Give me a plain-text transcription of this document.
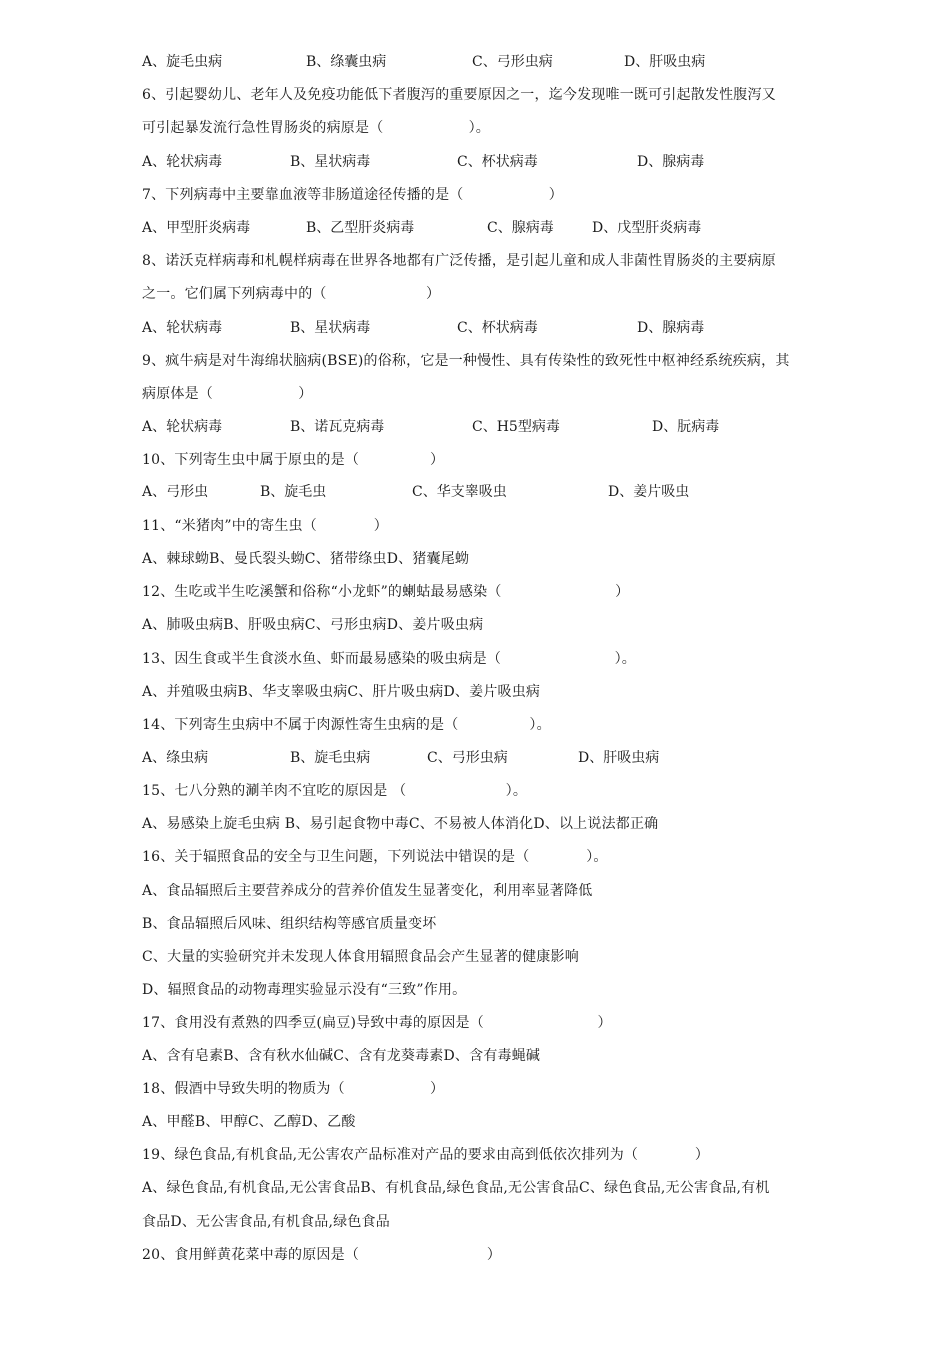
A、旋毛虫病	B、绦囊虫病	C、弓形虫病	D、肝吸虫病
6、引起婴幼儿、老年人及免疫功能低下者腹泻的重要原因之一，迄今发现唯一既可引起散发性腹泻又
可引起暴发流行急性胃肠炎的病原是（　　　　　　）。
A、轮状病毒	B、星状病毒	C、杯状病毒	D、腺病毒
7、下列病毒中主要靠血液等非肠道途径传播的是（　　　　　　）
A、甲型肝炎病毒	B、乙型肝炎病毒	C、腺病毒	D、戊型肝炎病毒
8、诺沃克样病毒和札幌样病毒在世界各地都有广泛传播，是引起儿童和成人非菌性胃肠炎的主要病原
之一。它们属下列病毒中的（　　　　　　　）
A、轮状病毒	B、星状病毒	C、杯状病毒	D、腺病毒
9、疯牛病是对牛海绵状脑病(BSE)的俗称，它是一种慢性、具有传染性的致死性中枢神经系统疾病，其
病原体是（　　　　　　）
A、轮状病毒	B、诺瓦克病毒	C、H5型病毒	D、朊病毒
10、下列寄生虫中属于原虫的是（　　　　　）
A、弓形虫	B、旋毛虫	C、华支睾吸虫	D、姜片吸虫
11、“米猪肉”中的寄生虫（　　　　）
A、棘球蚴B、曼氏裂头蚴C、猪带绦虫D、猪囊尾蚴
12、生吃或半生吃溪蟹和俗称“小龙虾”的蝲蛄最易感染（　　　　　　　　）
A、肺吸虫病B、肝吸虫病C、弓形虫病D、姜片吸虫病
13、因生食或半生食淡水鱼、虾而最易感染的吸虫病是（　　　　　　　　）。
A、并殖吸虫病B、华支睾吸虫病C、肝片吸虫病D、姜片吸虫病
14、下列寄生虫病中不属于肉源性寄生虫病的是（　　　　　）。
A、绦虫病	B、旋毛虫病	C、弓形虫病	D、肝吸虫病
15、七八分熟的涮羊肉不宜吃的原因是 （　　　　　　　）。
A、易感染上旋毛虫病 B、易引起食物中毒C、不易被人体消化D、以上说法都正确
16、关于辐照食品的安全与卫生问题，下列说法中错误的是（　　　　）。
A、食品辐照后主要营养成分的营养价值发生显著变化，利用率显著降低
B、食品辐照后风味、组织结构等感官质量变坏
C、大量的实验研究并未发现人体食用辐照食品会产生显著的健康影响
D、辐照食品的动物毒理实验显示没有“三致”作用。
17、食用没有煮熟的四季豆(扁豆)导致中毒的原因是（　　　　　　　　）
A、含有皂素B、含有秋水仙碱C、含有龙葵毒素D、含有毒蝇碱
18、假酒中导致失明的物质为（　　　　　　）
A、甲醛B、甲醇C、乙醇D、乙酸
19、绿色食品,有机食品,无公害农产品标准对产品的要求由高到低依次排列为（　　　　）
A、绿色食品,有机食品,无公害食品B、有机食品,绿色食品,无公害食品C、绿色食品,无公害食品,有机
食品D、无公害食品,有机食品,绿色食品
20、食用鲜黄花菜中毒的原因是（　　　　　　　　　）
